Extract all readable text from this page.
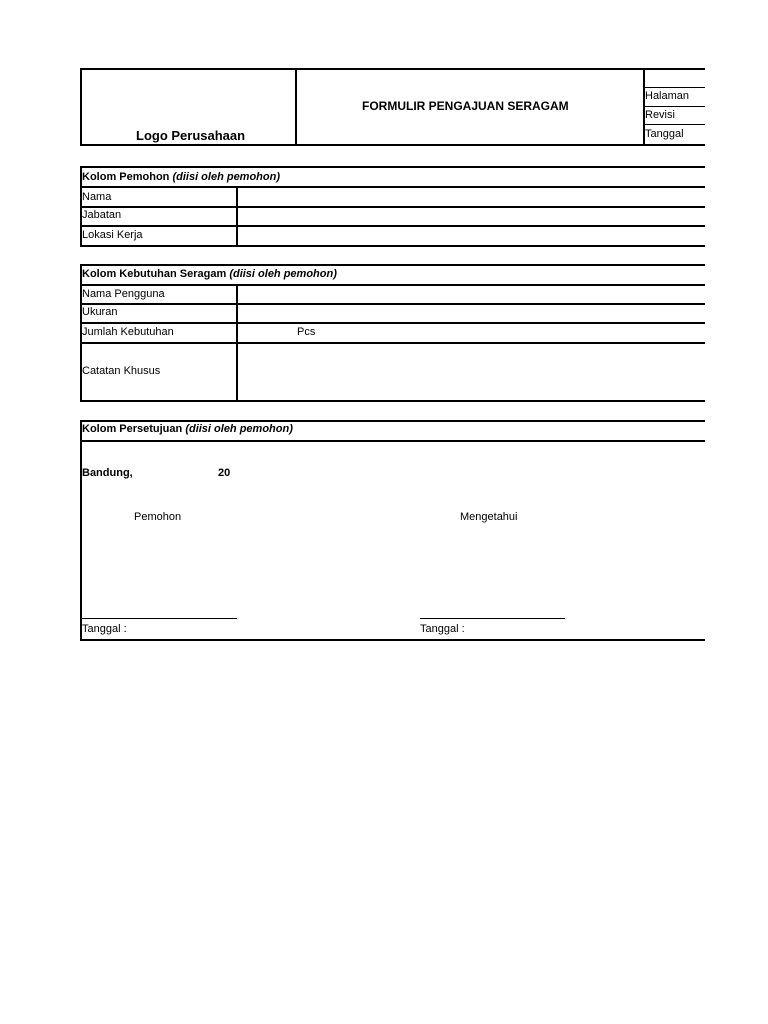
Logo Perusahaan
FORMULIR PENGAJUAN SERAGAM
Halaman
Revisi
Tanggal
Kolom Pemohon (diisi oleh pemohon)
Nama
Jabatan
Lokasi Kerja
Kolom Kebutuhan Seragam (diisi oleh pemohon)
Nama Pengguna
Ukuran
Jumlah Kebutuhan	Pcs
Catatan Khusus
Kolom Persetujuan (diisi oleh pemohon)
Bandung,	20
Pemohon	Mengetahui
Tanggal :	Tanggal :
